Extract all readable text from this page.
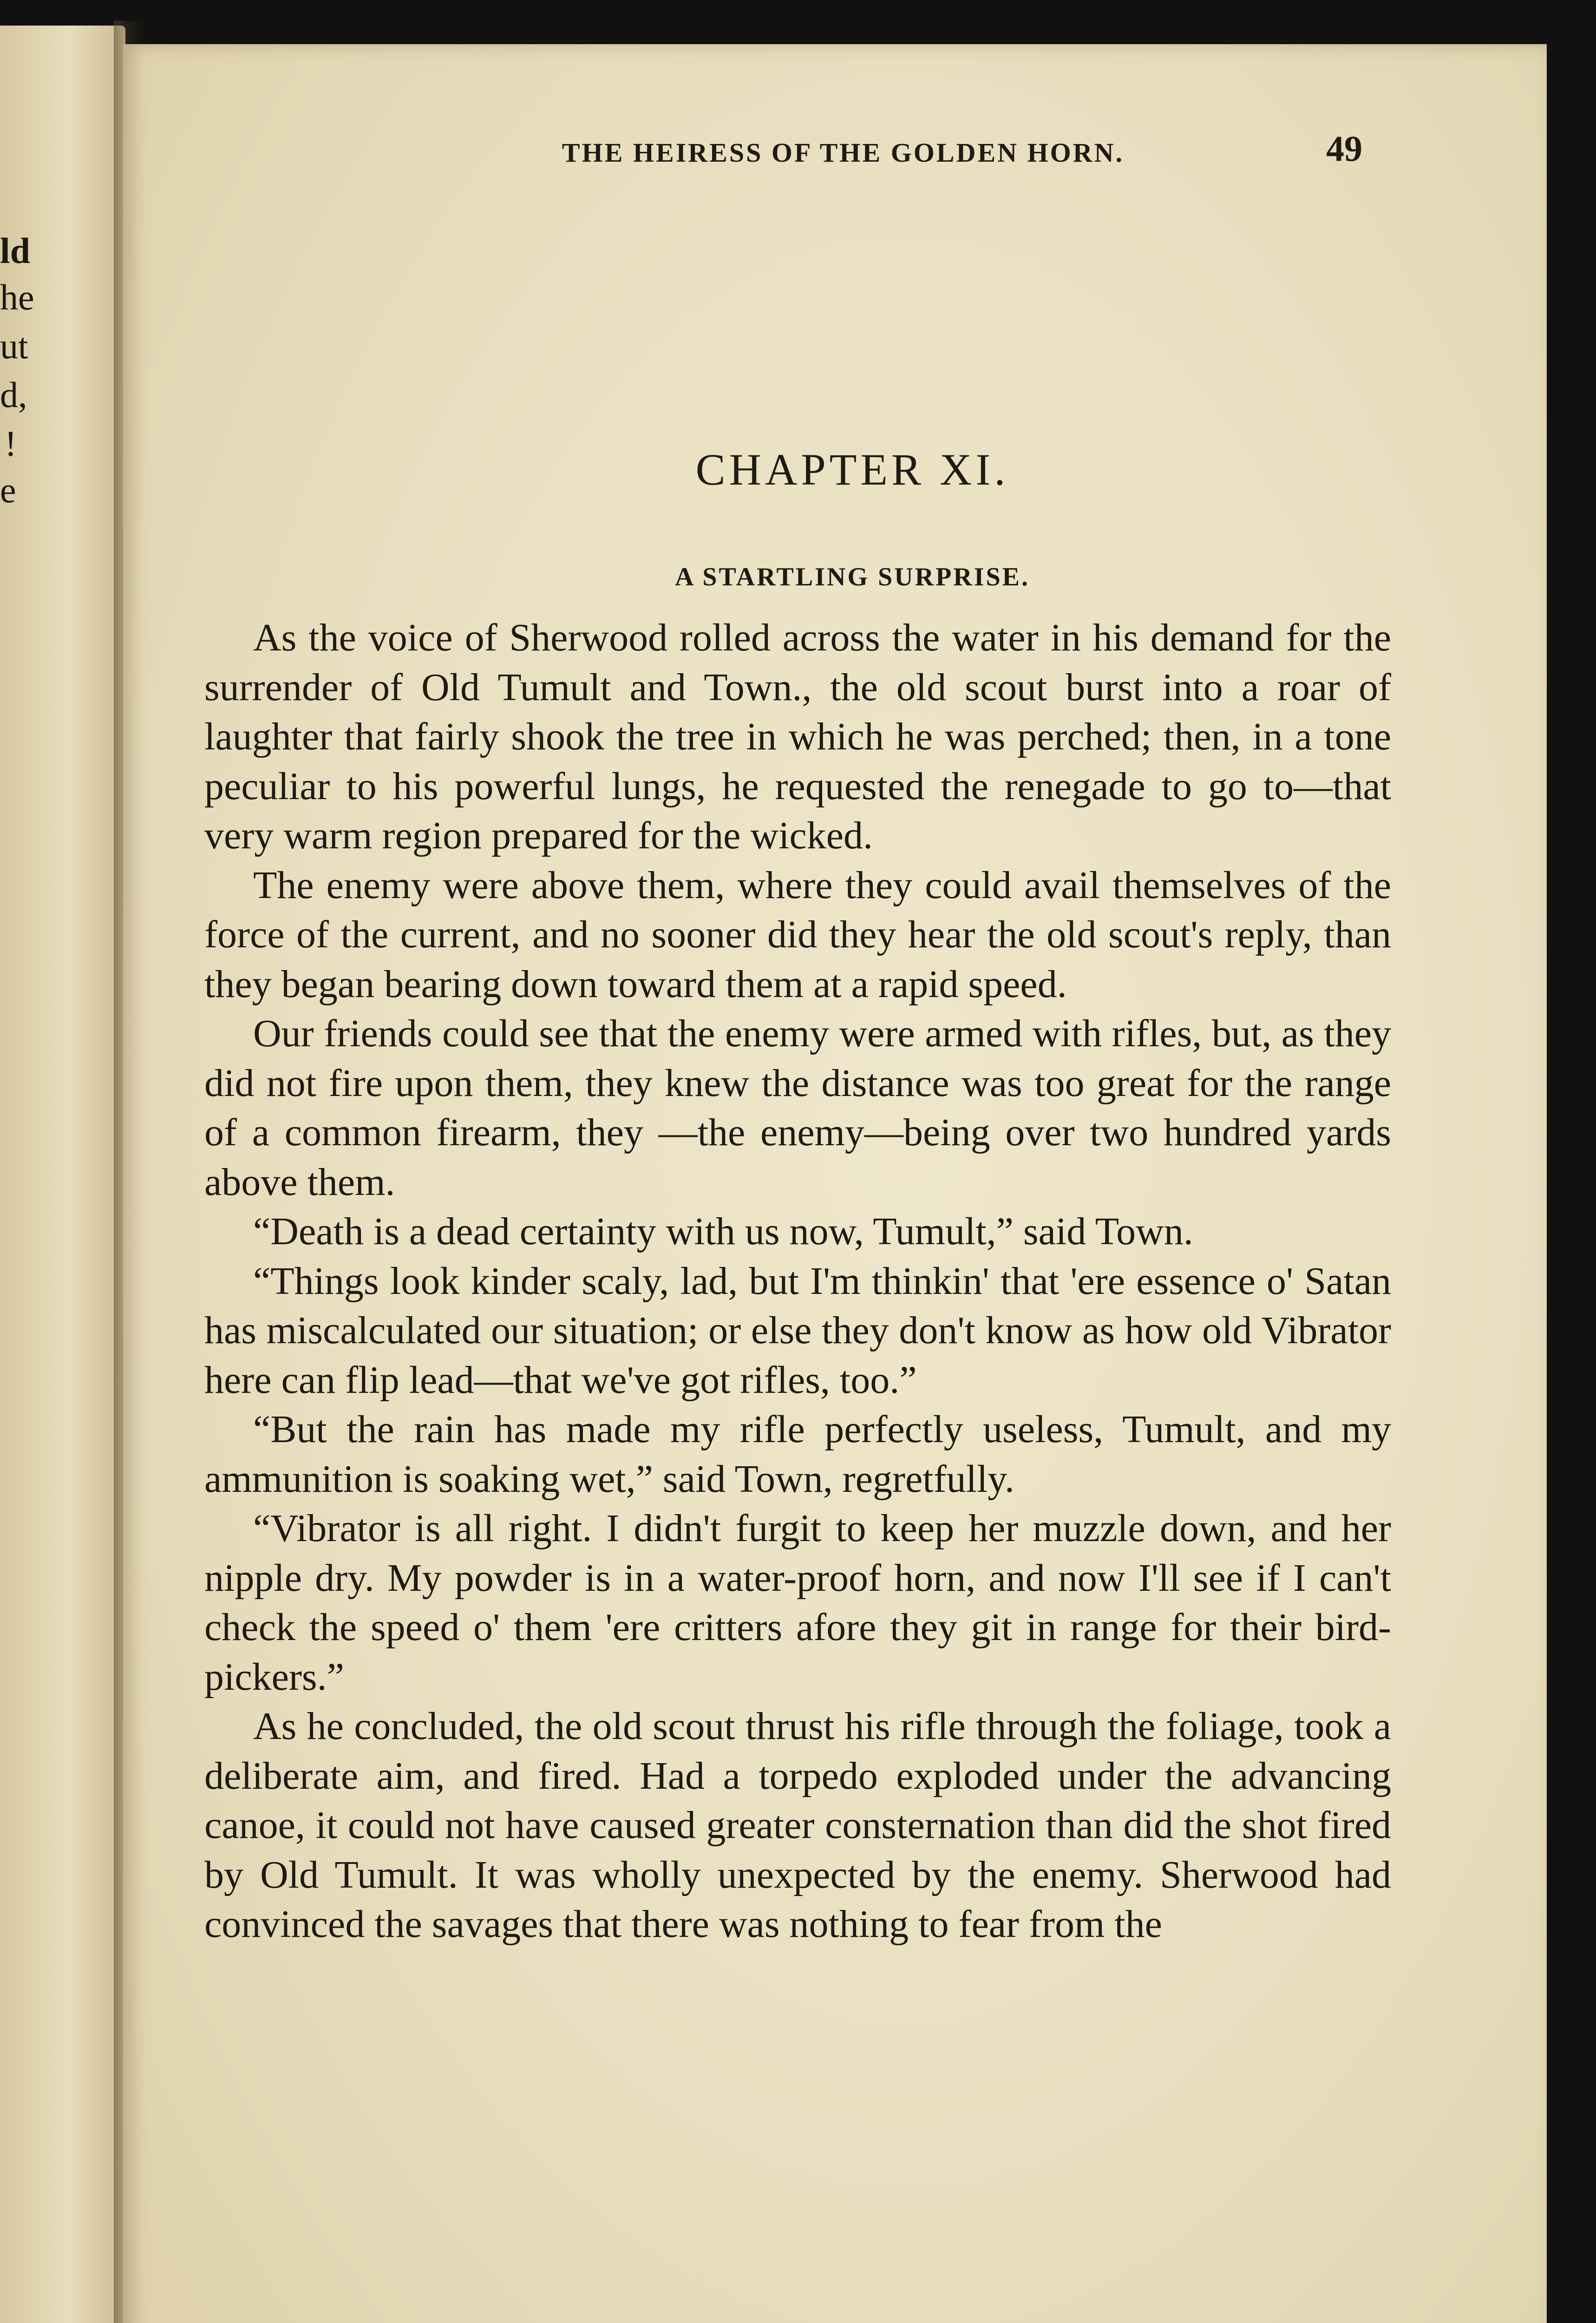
ld
he
ut
d,
!
e
THE HEIRESS OF THE GOLDEN HORN.	49
CHAPTER XI.
A STARTLING SURPRISE.

As the voice of Sherwood rolled across the water in his demand for the surrender of Old Tumult and Town., the old scout burst into a roar of laughter that fairly shook the tree in which he was perched; then, in a tone peculiar to his powerful lungs, he requested the renegade to go to—that very warm region prepared for the wicked.

The enemy were above them, where they could avail themselves of the force of the current, and no sooner did they hear the old scout's reply, than they began bearing down toward them at a rapid speed.

Our friends could see that the enemy were armed with rifles, but, as they did not fire upon them, they knew the distance was too great for the range of a common firearm, they —the enemy—being over two hundred yards above them.

“Death is a dead certainty with us now, Tumult,” said Town.

“Things look kinder scaly, lad, but I'm thinkin' that 'ere essence o' Satan has miscalculated our situation; or else they don't know as how old Vibrator here can flip lead—that we've got rifles, too.”

“But the rain has made my rifle perfectly useless, Tumult, and my ammunition is soaking wet,” said Town, regretfully.

“Vibrator is all right. I didn't furgit to keep her muzzle down, and her nipple dry. My powder is in a water-proof horn, and now I'll see if I can't check the speed o' them 'ere critters afore they git in range for their bird-pickers.”

As he concluded, the old scout thrust his rifle through the foliage, took a deliberate aim, and fired. Had a torpedo exploded under the advancing canoe, it could not have caused greater consternation than did the shot fired by Old Tumult. It was wholly unexpected by the enemy. Sherwood had convinced the savages that there was nothing to fear from the
